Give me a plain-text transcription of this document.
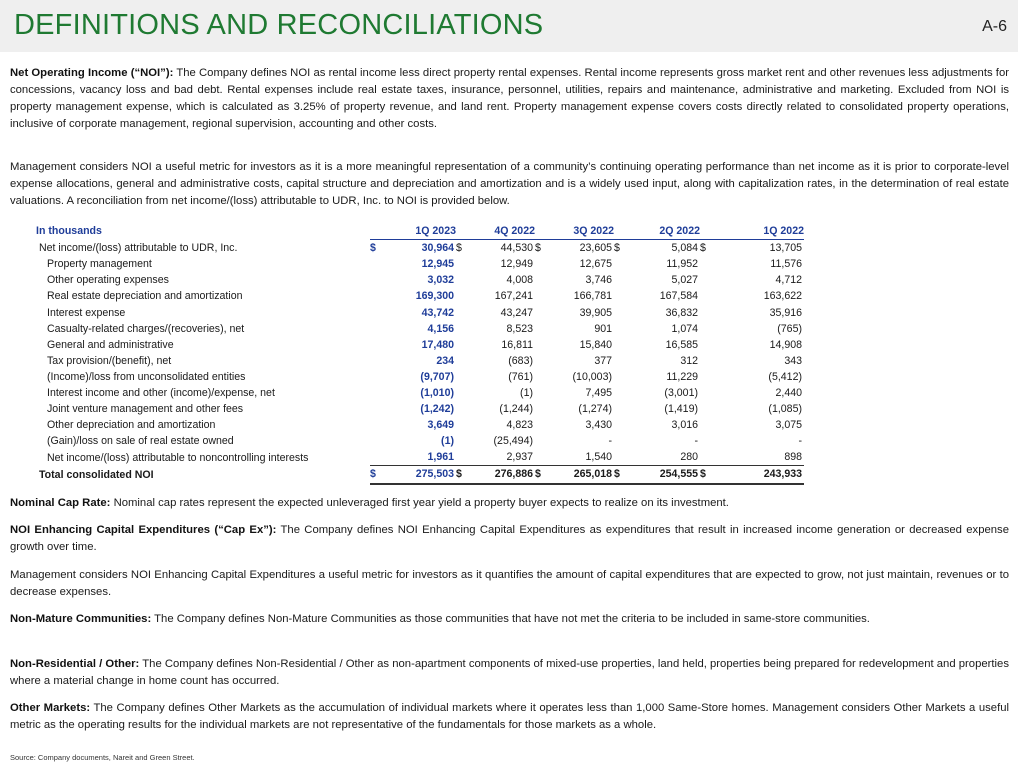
DEFINITIONS AND RECONCILIATIONS	A-6
Net Operating Income (“NOI”): The Company defines NOI as rental income less direct property rental expenses. Rental income represents gross market rent and other revenues less adjustments for concessions, vacancy loss and bad debt. Rental expenses include real estate taxes, insurance, personnel, utilities, repairs and maintenance, administrative and marketing. Excluded from NOI is property management expense, which is calculated as 3.25% of property revenue, and land rent. Property management expense covers costs directly related to consolidated property operations, inclusive of corporate management, regional supervision, accounting and other costs.
Management considers NOI a useful metric for investors as it is a more meaningful representation of a community’s continuing operating performance than net income as it is prior to corporate-level expense allocations, general and administrative costs, capital structure and depreciation and amortization and is a widely used input, along with capitalization rates, in the determination of real estate valuations. A reconciliation from net income/(loss) attributable to UDR, Inc. to NOI is provided below.
In thousands	1Q 2023		4Q 2022		3Q 2022		2Q 2022		1Q 2022	
Net income/(loss) attributable to UDR, Inc.	$	30,964	$	44,530	$	23,605	$	5,084	$	13,705
Property management		12,945		12,949		12,675		11,952		11,576
Other operating expenses		3,032		4,008		3,746		5,027		4,712
Real estate depreciation and amortization		169,300		167,241		166,781		167,584		163,622
Interest expense		43,742		43,247		39,905		36,832		35,916
Casualty-related charges/(recoveries), net		4,156		8,523		901		1,074		(765)
General and administrative		17,480		16,811		15,840		16,585		14,908
Tax provision/(benefit), net		234		(683)		377		312		343
(Income)/loss from unconsolidated entities		(9,707)		(761)		(10,003)		11,229		(5,412)
Interest income and other (income)/expense, net		(1,010)		(1)		7,495		(3,001)		2,440
Joint venture management and other fees		(1,242)		(1,244)		(1,274)		(1,419)		(1,085)
Other depreciation and amortization		3,649		4,823		3,430		3,016		3,075
(Gain)/loss on sale of real estate owned		(1)		(25,494)		-		-		-
Net income/(loss) attributable to noncontrolling interests		1,961		2,937		1,540		280		898
Total consolidated NOI	$	275,503	$	276,886	$	265,018	$	254,555	$	243,933
Nominal Cap Rate: Nominal cap rates represent the expected unleveraged first year yield a property buyer expects to realize on its investment.
NOI Enhancing Capital Expenditures (“Cap Ex”): The Company defines NOI Enhancing Capital Expenditures as expenditures that result in increased income generation or decreased expense growth over time.
Management considers NOI Enhancing Capital Expenditures a useful metric for investors as it quantifies the amount of capital expenditures that are expected to grow, not just maintain, revenues or to decrease expenses.
Non-Mature Communities: The Company defines Non-Mature Communities as those communities that have not met the criteria to be included in same-store communities.
Non-Residential / Other: The Company defines Non-Residential / Other as non-apartment components of mixed-use properties, land held, properties being prepared for redevelopment and properties where a material change in home count has occurred.
Other Markets: The Company defines Other Markets as the accumulation of individual markets where it operates less than 1,000 Same-Store homes. Management considers Other Markets a useful metric as the operating results for the individual markets are not representative of the fundamentals for those markets as a whole.
Source: Company documents, Nareit and Green Street.
